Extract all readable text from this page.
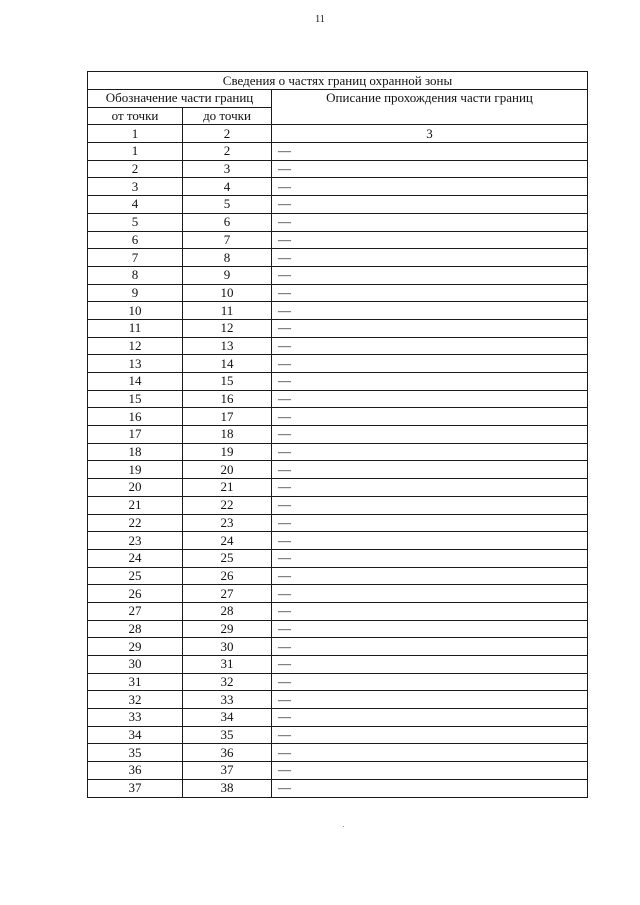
11
Сведения о частях границ охранной зоны		
Обозначение части границ		Описание прохождения части границ
от точки	до точки	
1	2	3
1	2	—
2	3	—
3	4	—
4	5	—
5	6	—
6	7	—
7	8	—
8	9	—
9	10	—
10	11	—
11	12	—
12	13	—
13	14	—
14	15	—
15	16	—
16	17	—
17	18	—
18	19	—
19	20	—
20	21	—
21	22	—
22	23	—
23	24	—
24	25	—
25	26	—
26	27	—
27	28	—
28	29	—
29	30	—
30	31	—
31	32	—
32	33	—
33	34	—
34	35	—
35	36	—
36	37	—
37	38	—
